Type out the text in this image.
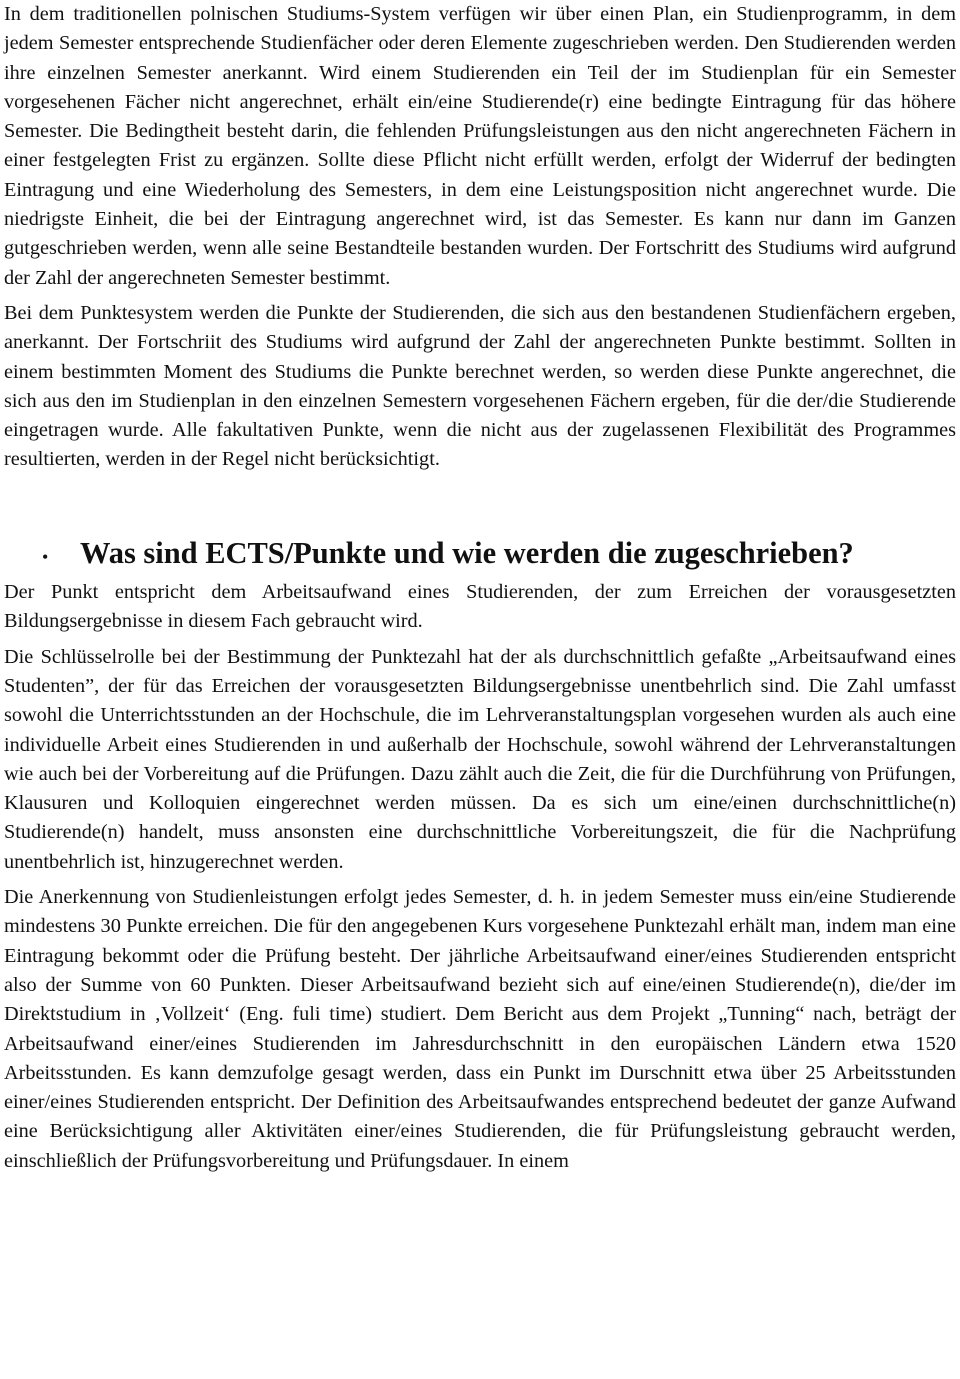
In dem traditionellen polnischen Studiums-System verfügen wir über einen Plan, ein Studienprogramm, in dem jedem Semester entsprechende Studienfächer oder deren Elemente zugeschrieben werden. Den Studierenden werden ihre einzelnen Semester anerkannt. Wird einem Studierenden ein Teil der im Studienplan für ein Semester vorgesehenen Fächer nicht angerechnet, erhält ein/eine Studierende(r) eine bedingte Eintragung für das höhere Semester. Die Bedingtheit besteht darin, die fehlenden Prüfungsleistungen aus den nicht angerechneten Fächern in einer festgelegten Frist zu ergänzen. Sollte diese Pflicht nicht erfüllt werden, erfolgt der Widerruf der bedingten Eintragung und eine Wiederholung des Semesters, in dem eine Leistungsposition nicht angerechnet wurde. Die niedrigste Einheit, die bei der Eintragung angerechnet wird, ist das Semester. Es kann nur dann im Ganzen gutgeschrieben werden, wenn alle seine Bestandteile bestanden wurden. Der Fortschritt des Studiums wird aufgrund der Zahl der angerechneten Semester bestimmt.

Bei dem Punktesystem werden die Punkte der Studierenden, die sich aus den bestandenen Studienfächern ergeben, anerkannt. Der Fortschriit des Studiums wird aufgrund der Zahl der angerechneten Punkte bestimmt. Sollten in einem bestimmten Moment des Studiums die Punkte berechnet werden, so werden diese Punkte angerechnet, die sich aus den im Studienplan in den einzelnen Semestern vorgesehenen Fächern ergeben, für die der/die Studierende eingetragen wurde. Alle fakultativen Punkte, wenn die nicht aus der zugelassenen Flexibilität des Programmes resultierten, werden in der Regel nicht berücksichtigt.

•	Was sind ECTS/Punkte und wie werden die zugeschrieben?

Der Punkt entspricht dem Arbeitsaufwand eines Studierenden, der zum Erreichen der vorausgesetzten Bildungsergebnisse in diesem Fach gebraucht wird.

Die Schlüsselrolle bei der Bestimmung der Punktezahl hat der als durchschnittlich gefaßte „Arbeitsaufwand eines Studenten”, der für das Erreichen der vorausgesetzten Bildungsergebnisse unentbehrlich sind. Die Zahl umfasst sowohl die Unterrichtsstunden an der Hochschule, die im Lehrveranstaltungsplan vorgesehen wurden als auch eine individuelle Arbeit eines Studierenden in und außerhalb der Hochschule, sowohl während der Lehrveranstaltungen wie auch bei der Vorbereitung auf die Prüfungen. Dazu zählt auch die Zeit, die für die Durchführung von Prüfungen, Klausuren und Kolloquien eingerechnet werden müssen. Da es sich um eine/einen durchschnittliche(n) Studierende(n) handelt, muss ansonsten eine durchschnittliche Vorbereitungszeit, die für die Nachprüfung unentbehrlich ist, hinzugerechnet werden.

Die Anerkennung von Studienleistungen erfolgt jedes Semester, d. h. in jedem Semester muss ein/eine Studierende mindestens 30 Punkte erreichen. Die für den angegebenen Kurs vorgesehene Punktezahl erhält man, indem man eine Eintragung bekommt oder die Prüfung besteht. Der jährliche Arbeitsaufwand einer/eines Studierenden entspricht also der Summe von 60 Punkten. Dieser Arbeitsaufwand bezieht sich auf eine/einen Studierende(n), die/der im Direktstudium in ‚Vollzeit‘ (Eng. fuli time) studiert. Dem Bericht aus dem Projekt „Tunning“ nach, beträgt der Arbeitsaufwand einer/eines Studierenden im Jahresdurchschnitt in den europäischen Ländern etwa 1520 Arbeitsstunden. Es kann demzufolge gesagt werden, dass ein Punkt im Durschnitt etwa über 25 Arbeitsstunden einer/eines Studierenden entspricht. Der Definition des Arbeitsaufwandes entsprechend bedeutet der ganze Aufwand eine Berücksichtigung aller Aktivitäten einer/eines Studierenden, die für Prüfungsleistung gebraucht werden, einschließlich der Prüfungsvorbereitung und Prüfungsdauer. In einem
